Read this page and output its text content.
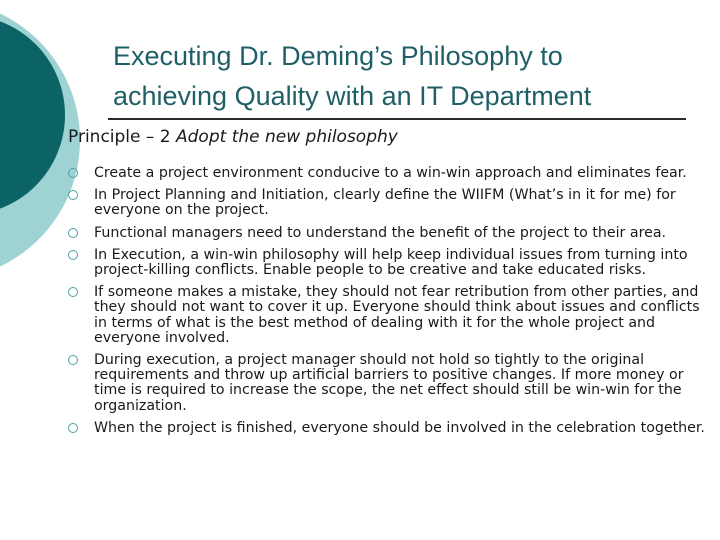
Executing Dr. Deming’s Philosophy to
achieving Quality with an IT Department
Principle – 2 Adopt the new philosophy
Create a project environment conducive to a win-win approach and eliminates fear.
In Project Planning and Initiation, clearly define the WIIFM (What’s in it for me) for everyone on the project.
Functional managers need to understand the benefit of the project to their area.
In Execution, a win-win philosophy will help keep individual issues from turning into project-killing conflicts. Enable people to be creative and take educated risks.
If someone makes a mistake, they should not fear retribution from other parties, and they should not want to cover it up. Everyone should think about issues and conflicts in terms of what is the best method of dealing with it for the whole project and everyone involved.
During execution, a project manager should not hold so tightly to the original requirements and throw up artificial barriers to positive changes. If more money or time is required to increase the scope, the net effect should still be win-win for the organization.
When the project is finished, everyone should be involved in the celebration together.
